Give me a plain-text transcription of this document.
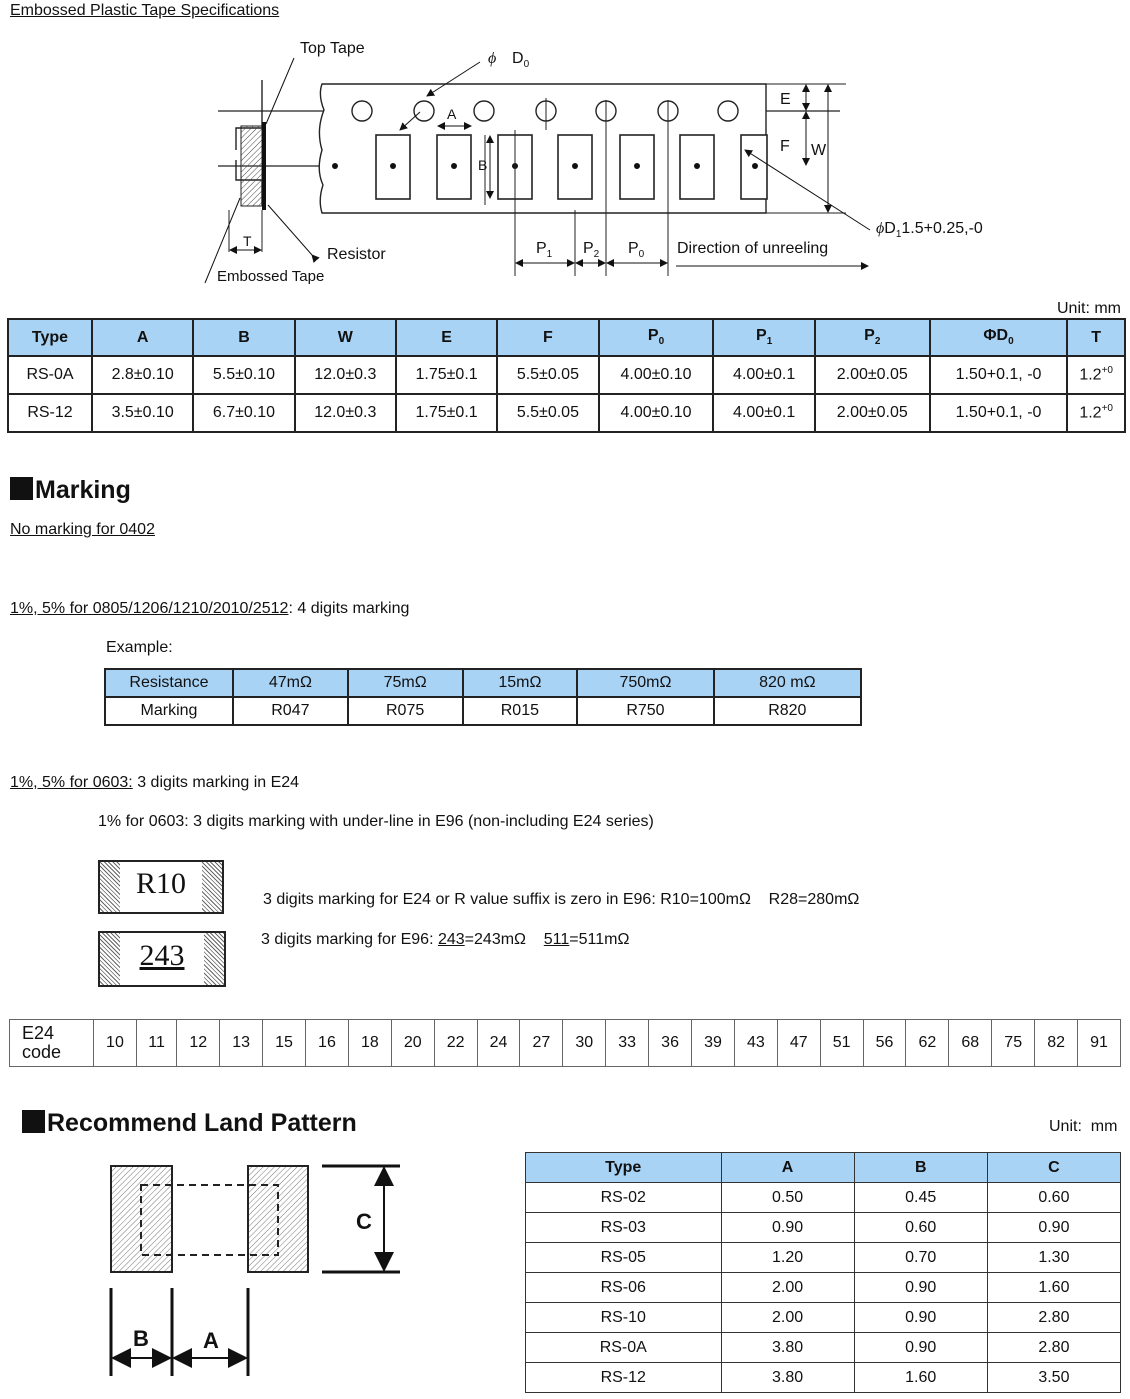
Embossed Plastic Tape Specifications
Top Tape
ϕ $D_0$
E
F W
A
B
T
Resistor
Embossed Tape
$\phi D_11.5+0.25,-0$
$P_1$ $P_2$ $P_0$ Direction of unreeling
Unit: mm
Type	A	B	W	E	F	$P_0$	$P_1$	$P_2$	$\Phi D_0$	T
RS-0A	2.8±0.10	5.5±0.10	12.0±0.3	1.75±0.1	5.5±0.05	4.00±0.10	4.00±0.1	2.00±0.05	1.50+0.1, -0	$1.2^{+0}$
RS-12	3.5±0.10	6.7±0.10	12.0±0.3	1.75±0.1	5.5±0.05	4.00±0.10	4.00±0.1	2.00±0.05	1.50+0.1, -0	$1.2^{+0}$
Marking
No marking for 0402
1%, 5% for 0805/1206/1210/2010/2512: 4 digits marking
Example:
Resistance	47mΩ	75mΩ	15mΩ	750mΩ	820 mΩ
Marking	R047	R075	R015	R750	R820
1%, 5% for 0603: 3 digits marking in E24
1% for 0603: 3 digits marking with under-line in E96 (non-including E24 series)
R10
243
3 digits marking for E24 or R value suffix is zero in E96: R10=100mΩ    R28=280mΩ
3 digits marking for E96: 243=243mΩ    511=511mΩ
E24
code	10	11	12	13	15	16	18	20	22	24	27	30	33	36	39	43	47	51	56	62	68	75	82	91
Recommend Land Pattern	Unit:  mm
C
B A
Type	A	B	C
RS-02	0.50	0.45	0.60
RS-03	0.90	0.60	0.90
RS-05	1.20	0.70	1.30
RS-06	2.00	0.90	1.60
RS-10	2.00	0.90	2.80
RS-0A	3.80	0.90	2.80
RS-12	3.80	1.60	3.50
